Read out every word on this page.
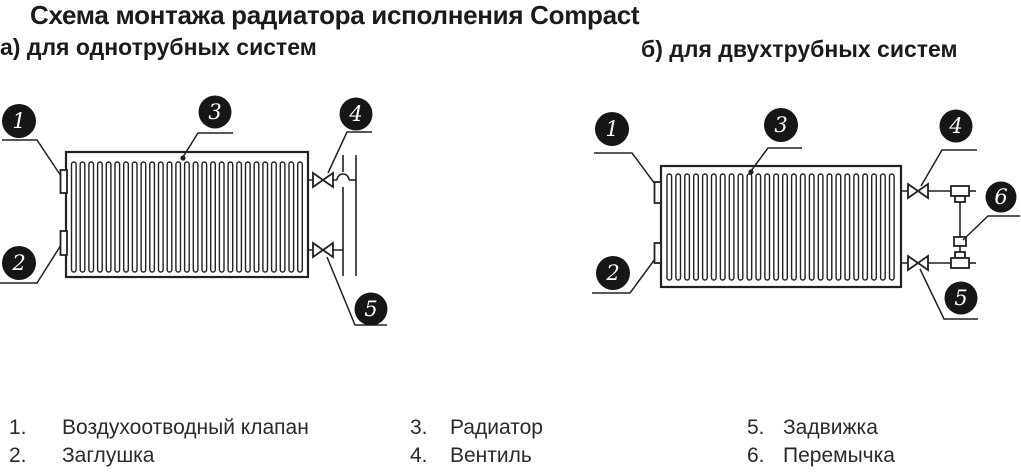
Схема монтажа радиатора исполнения Compact
а) для однотрубных систем	б) для двухтрубных систем
1
2
3	4
5
1
2
3	4
5
6
1. Воздухоотводный клапан
2. Заглушка
3. Радиатор
4. Вентиль
5. Задвижка
6. Перемычка
